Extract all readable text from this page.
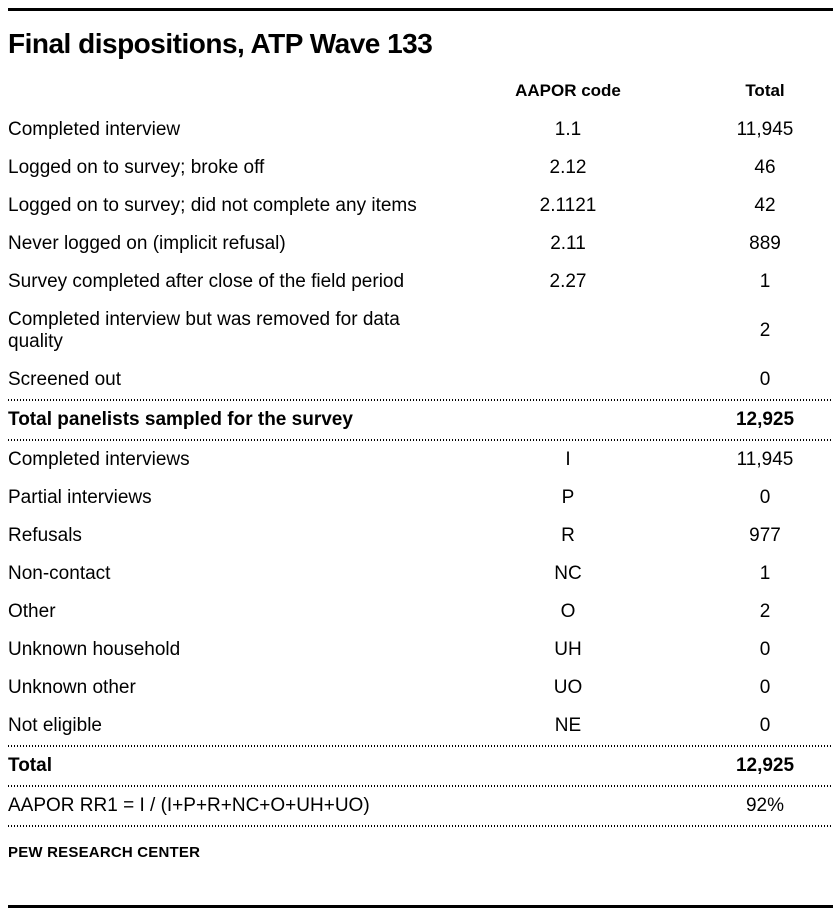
Final dispositions, ATP Wave 133
	AAPOR code	Total
Completed interview	1.1	11,945
Logged on to survey; broke off	2.12	46
Logged on to survey; did not complete any items	2.1121	42
Never logged on (implicit refusal)	2.11	889
Survey completed after close of the field period	2.27	1
Completed interview but was removed for data quality		2
Screened out		0

Total panelists sampled for the survey		12,925

Completed interviews	I	11,945
Partial interviews	P	0
Refusals	R	977
Non-contact	NC	1
Other	O	2
Unknown household	UH	0
Unknown other	UO	0
Not eligible	NE	0

Total		12,925

AAPOR RR1 = I / (I+P+R+NC+O+UH+UO)		92%

PEW RESEARCH CENTER
